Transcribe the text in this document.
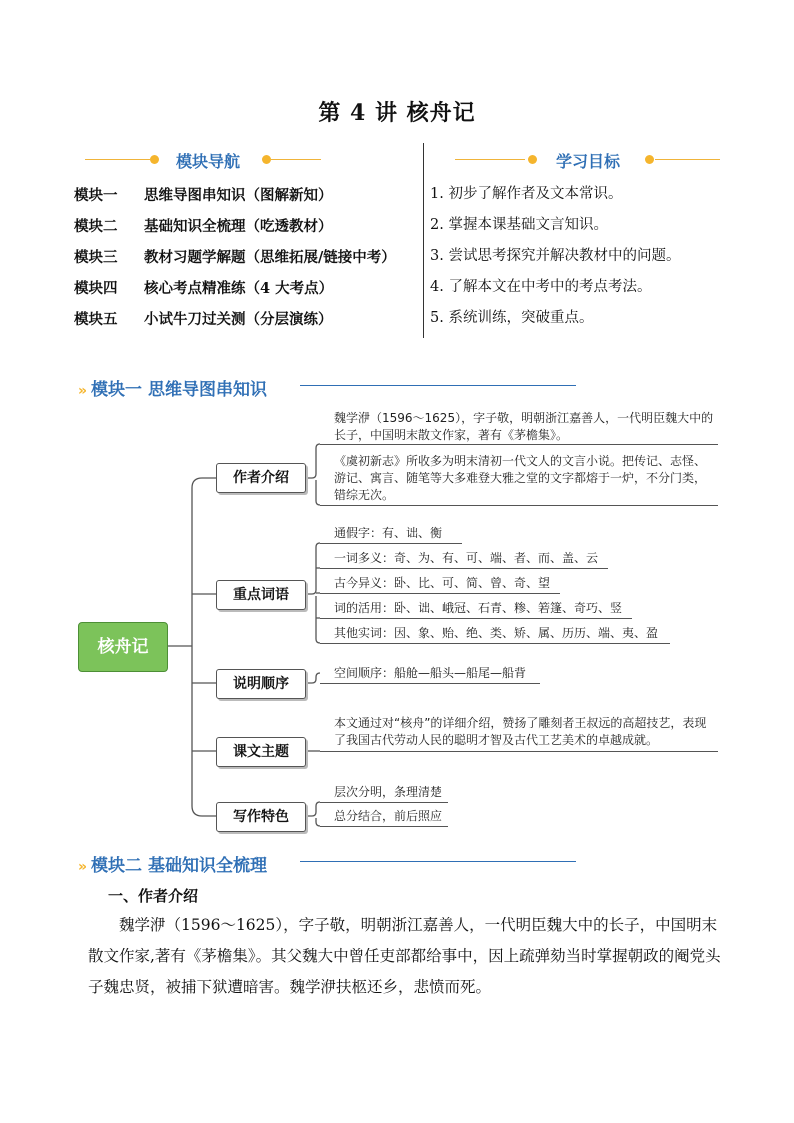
第 4 讲 核舟记
模块导航
模块一 思维导图串知识（图解新知）
模块二 基础知识全梳理（吃透教材）
模块三 教材习题学解题（思维拓展/链接中考）
模块四 核心考点精准练（4 大考点）
模块五 小试牛刀过关测（分层演练）
学习目标
1. 初步了解作者及文本常识。
2. 掌握本课基础文言知识。
3. 尝试思考探究并解决教材中的问题。
4. 了解本文在中考中的考点考法。
5. 系统训练，突破重点。
» 模块一 思维导图串知识
核舟记
作者介绍
重点词语
说明顺序
课文主题
写作特色
魏学洢（1596～1625），字子敬，明朝浙江嘉善人，一代明臣魏大中的长子，中国明末散文作家，著有《茅檐集》。
《虞初新志》所收多为明末清初一代文人的文言小说。把传记、志怪、游记、寓言、随笔等大多难登大雅之堂的文字都熔于一炉，不分门类，错综无次。
通假字：有、诎、衡
一词多义：奇、为、有、可、端、者、而、盖、云
古今异义：卧、比、可、简、曾、奇、望
词的活用：卧、诎、峨冠、石青、糁、箬篷、奇巧、竖
其他实词：因、象、贻、绝、类、矫、属、历历、端、夷、盈
空间顺序：船舱—船头—船尾—船背
本文通过对“核舟”的详细介绍，赞扬了雕刻者王叔远的高超技艺，表现了我国古代劳动人民的聪明才智及古代工艺美术的卓越成就。
层次分明，条理清楚
总分结合，前后照应
» 模块二 基础知识全梳理
一、作者介绍
魏学洢（1596～1625），字子敬，明朝浙江嘉善人，一代明臣魏大中的长子，中国明末散文作家,著有《茅檐集》。其父魏大中曾任吏部都给事中，因上疏弹劾当时掌握朝政的阉党头子魏忠贤，被捕下狱遭暗害。魏学洢扶柩还乡，悲愤而死。
